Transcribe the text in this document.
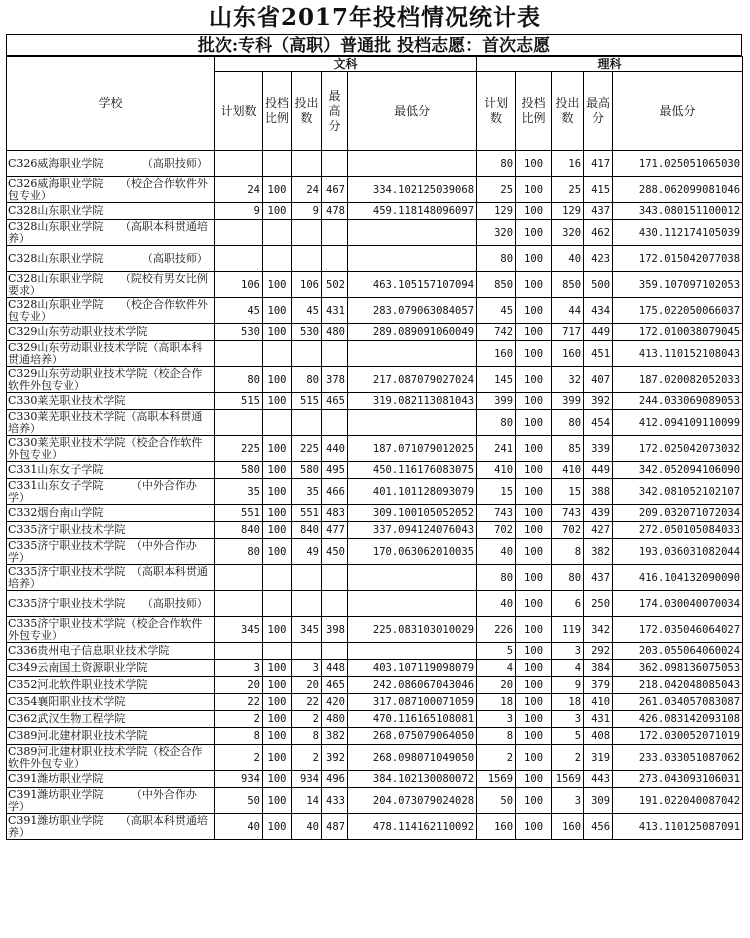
山东省2017年投档情况统计表
批次:专科（高职）普通批 投档志愿：首次志愿
学校	文科					理科				

	计划数	投档比例	投出数	最高分	最低分	计划数	投档比例	投出数	最高分	最低分

C326威海职业学院　　　　（高职技师）						80	100	16	417	171.025051065030
C326威海职业学院　　（校企合作软件外包专业）	24	100	24	467	334.102125039068	25	100	25	415	288.062099081046
C328山东职业学院	9	100	9	478	459.118148096097	129	100	129	437	343.080151100012
C328山东职业学院　　（高职本科贯通培养）						320	100	320	462	430.112174105039
C328山东职业学院　　　　（高职技师）						80	100	40	423	172.015042077038
C328山东职业学院　　（院校有男女比例要求）	106	100	106	502	463.105157107094	850	100	850	500	359.107097102053
C328山东职业学院　　（校企合作软件外包专业）	45	100	45	431	283.079063084057	45	100	44	434	175.022050066037
C329山东劳动职业技术学院	530	100	530	480	289.089091060049	742	100	717	449	172.010038079045
C329山东劳动职业技术学院（高职本科贯通培养）						160	100	160	451	413.110152108043
C329山东劳动职业技术学院（校企合作软件外包专业）	80	100	80	378	217.087079027024	145	100	32	407	187.020082052033
C330莱芜职业技术学院	515	100	515	465	319.082113081043	399	100	399	392	244.033069089053
C330莱芜职业技术学院（高职本科贯通培养）						80	100	80	454	412.094109110099
C330莱芜职业技术学院（校企合作软件外包专业）	225	100	225	440	187.071079012025	241	100	85	339	172.025042073032
C331山东女子学院	580	100	580	495	450.116176083075	410	100	410	449	342.052094106090
C331山东女子学院　　　（中外合作办学）	35	100	35	466	401.101128093079	15	100	15	388	342.081052102107
C332烟台南山学院	551	100	551	483	309.100105052052	743	100	743	439	209.032071072034
C335济宁职业技术学院	840	100	840	477	337.094124076043	702	100	702	427	272.050105084033
C335济宁职业技术学院　（中外合作办学）	80	100	49	450	170.063062010035	40	100	8	382	193.036031082044
C335济宁职业技术学院　（高职本科贯通培养）						80	100	80	437	416.104132090090
C335济宁职业技术学院　　（高职技师）						40	100	6	250	174.030040070034
C335济宁职业技术学院（校企合作软件外包专业）	345	100	345	398	225.083103010029	226	100	119	342	172.035046064027
C336贵州电子信息职业技术学院						5	100	3	292	203.055064060024
C349云南国土资源职业学院	3	100	3	448	403.107119098079	4	100	4	384	362.098136075053
C352河北软件职业技术学院	20	100	20	465	242.086067043046	20	100	9	379	218.042048085043
C354襄阳职业技术学院	22	100	22	420	317.087100071059	18	100	18	410	261.034057083087
C362武汉生物工程学院	2	100	2	480	470.116165108081	3	100	3	431	426.083142093108
C389河北建材职业技术学院	8	100	8	382	268.075079064050	8	100	5	408	172.030052071019
C389河北建材职业技术学院（校企合作软件外包专业）	2	100	2	392	268.098071049050	2	100	2	319	233.033051087062
C391潍坊职业学院	934	100	934	496	384.102130080072	1569	100	1569	443	273.043093106031
C391潍坊职业学院　　　（中外合作办学）	50	100	14	433	204.073079024028	50	100	3	309	191.022040087042
C391潍坊职业学院　　（高职本科贯通培养）	40	100	40	487	478.114162110092	160	100	160	456	413.110125087091
